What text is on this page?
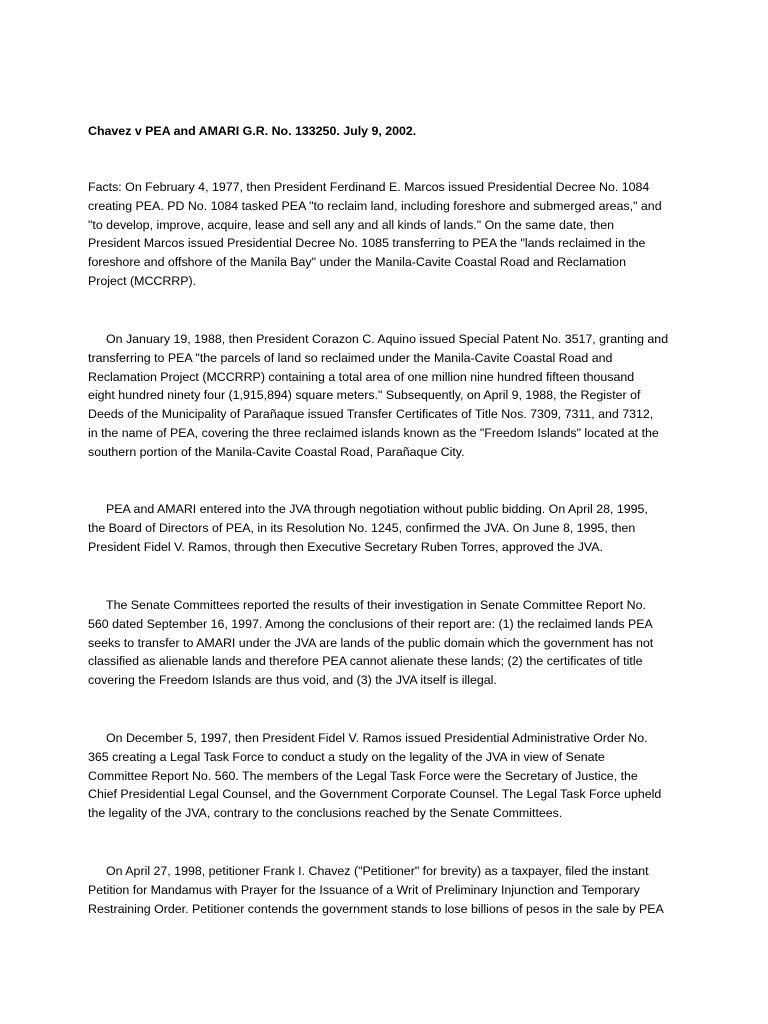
Chavez v PEA and AMARI G.R. No. 133250. July 9, 2002.
Facts: On February 4, 1977, then President Ferdinand E. Marcos issued Presidential Decree No. 1084
creating PEA. PD No. 1084 tasked PEA "to reclaim land, including foreshore and submerged areas," and
"to develop, improve, acquire, lease and sell any and all kinds of lands." On the same date, then
President Marcos issued Presidential Decree No. 1085 transferring to PEA the "lands reclaimed in the
foreshore and offshore of the Manila Bay" under the Manila-Cavite Coastal Road and Reclamation
Project (MCCRRP).
On January 19, 1988, then President Corazon C. Aquino issued Special Patent No. 3517, granting and
transferring to PEA "the parcels of land so reclaimed under the Manila-Cavite Coastal Road and
Reclamation Project (MCCRRP) containing a total area of one million nine hundred fifteen thousand
eight hundred ninety four (1,915,894) square meters." Subsequently, on April 9, 1988, the Register of
Deeds of the Municipality of Parañaque issued Transfer Certificates of Title Nos. 7309, 7311, and 7312,
in the name of PEA, covering the three reclaimed islands known as the "Freedom Islands" located at the
southern portion of the Manila-Cavite Coastal Road, Parañaque City.
PEA and AMARI entered into the JVA through negotiation without public bidding. On April 28, 1995,
the Board of Directors of PEA, in its Resolution No. 1245, confirmed the JVA. On June 8, 1995, then
President Fidel V. Ramos, through then Executive Secretary Ruben Torres, approved the JVA.
The Senate Committees reported the results of their investigation in Senate Committee Report No.
560 dated September 16, 1997. Among the conclusions of their report are: (1) the reclaimed lands PEA
seeks to transfer to AMARI under the JVA are lands of the public domain which the government has not
classified as alienable lands and therefore PEA cannot alienate these lands; (2) the certificates of title
covering the Freedom Islands are thus void, and (3) the JVA itself is illegal.
On December 5, 1997, then President Fidel V. Ramos issued Presidential Administrative Order No.
365 creating a Legal Task Force to conduct a study on the legality of the JVA in view of Senate
Committee Report No. 560. The members of the Legal Task Force were the Secretary of Justice, the
Chief Presidential Legal Counsel, and the Government Corporate Counsel. The Legal Task Force upheld
the legality of the JVA, contrary to the conclusions reached by the Senate Committees.
On April 27, 1998, petitioner Frank I. Chavez ("Petitioner" for brevity) as a taxpayer, filed the instant
Petition for Mandamus with Prayer for the Issuance of a Writ of Preliminary Injunction and Temporary
Restraining Order. Petitioner contends the government stands to lose billions of pesos in the sale by PEA
